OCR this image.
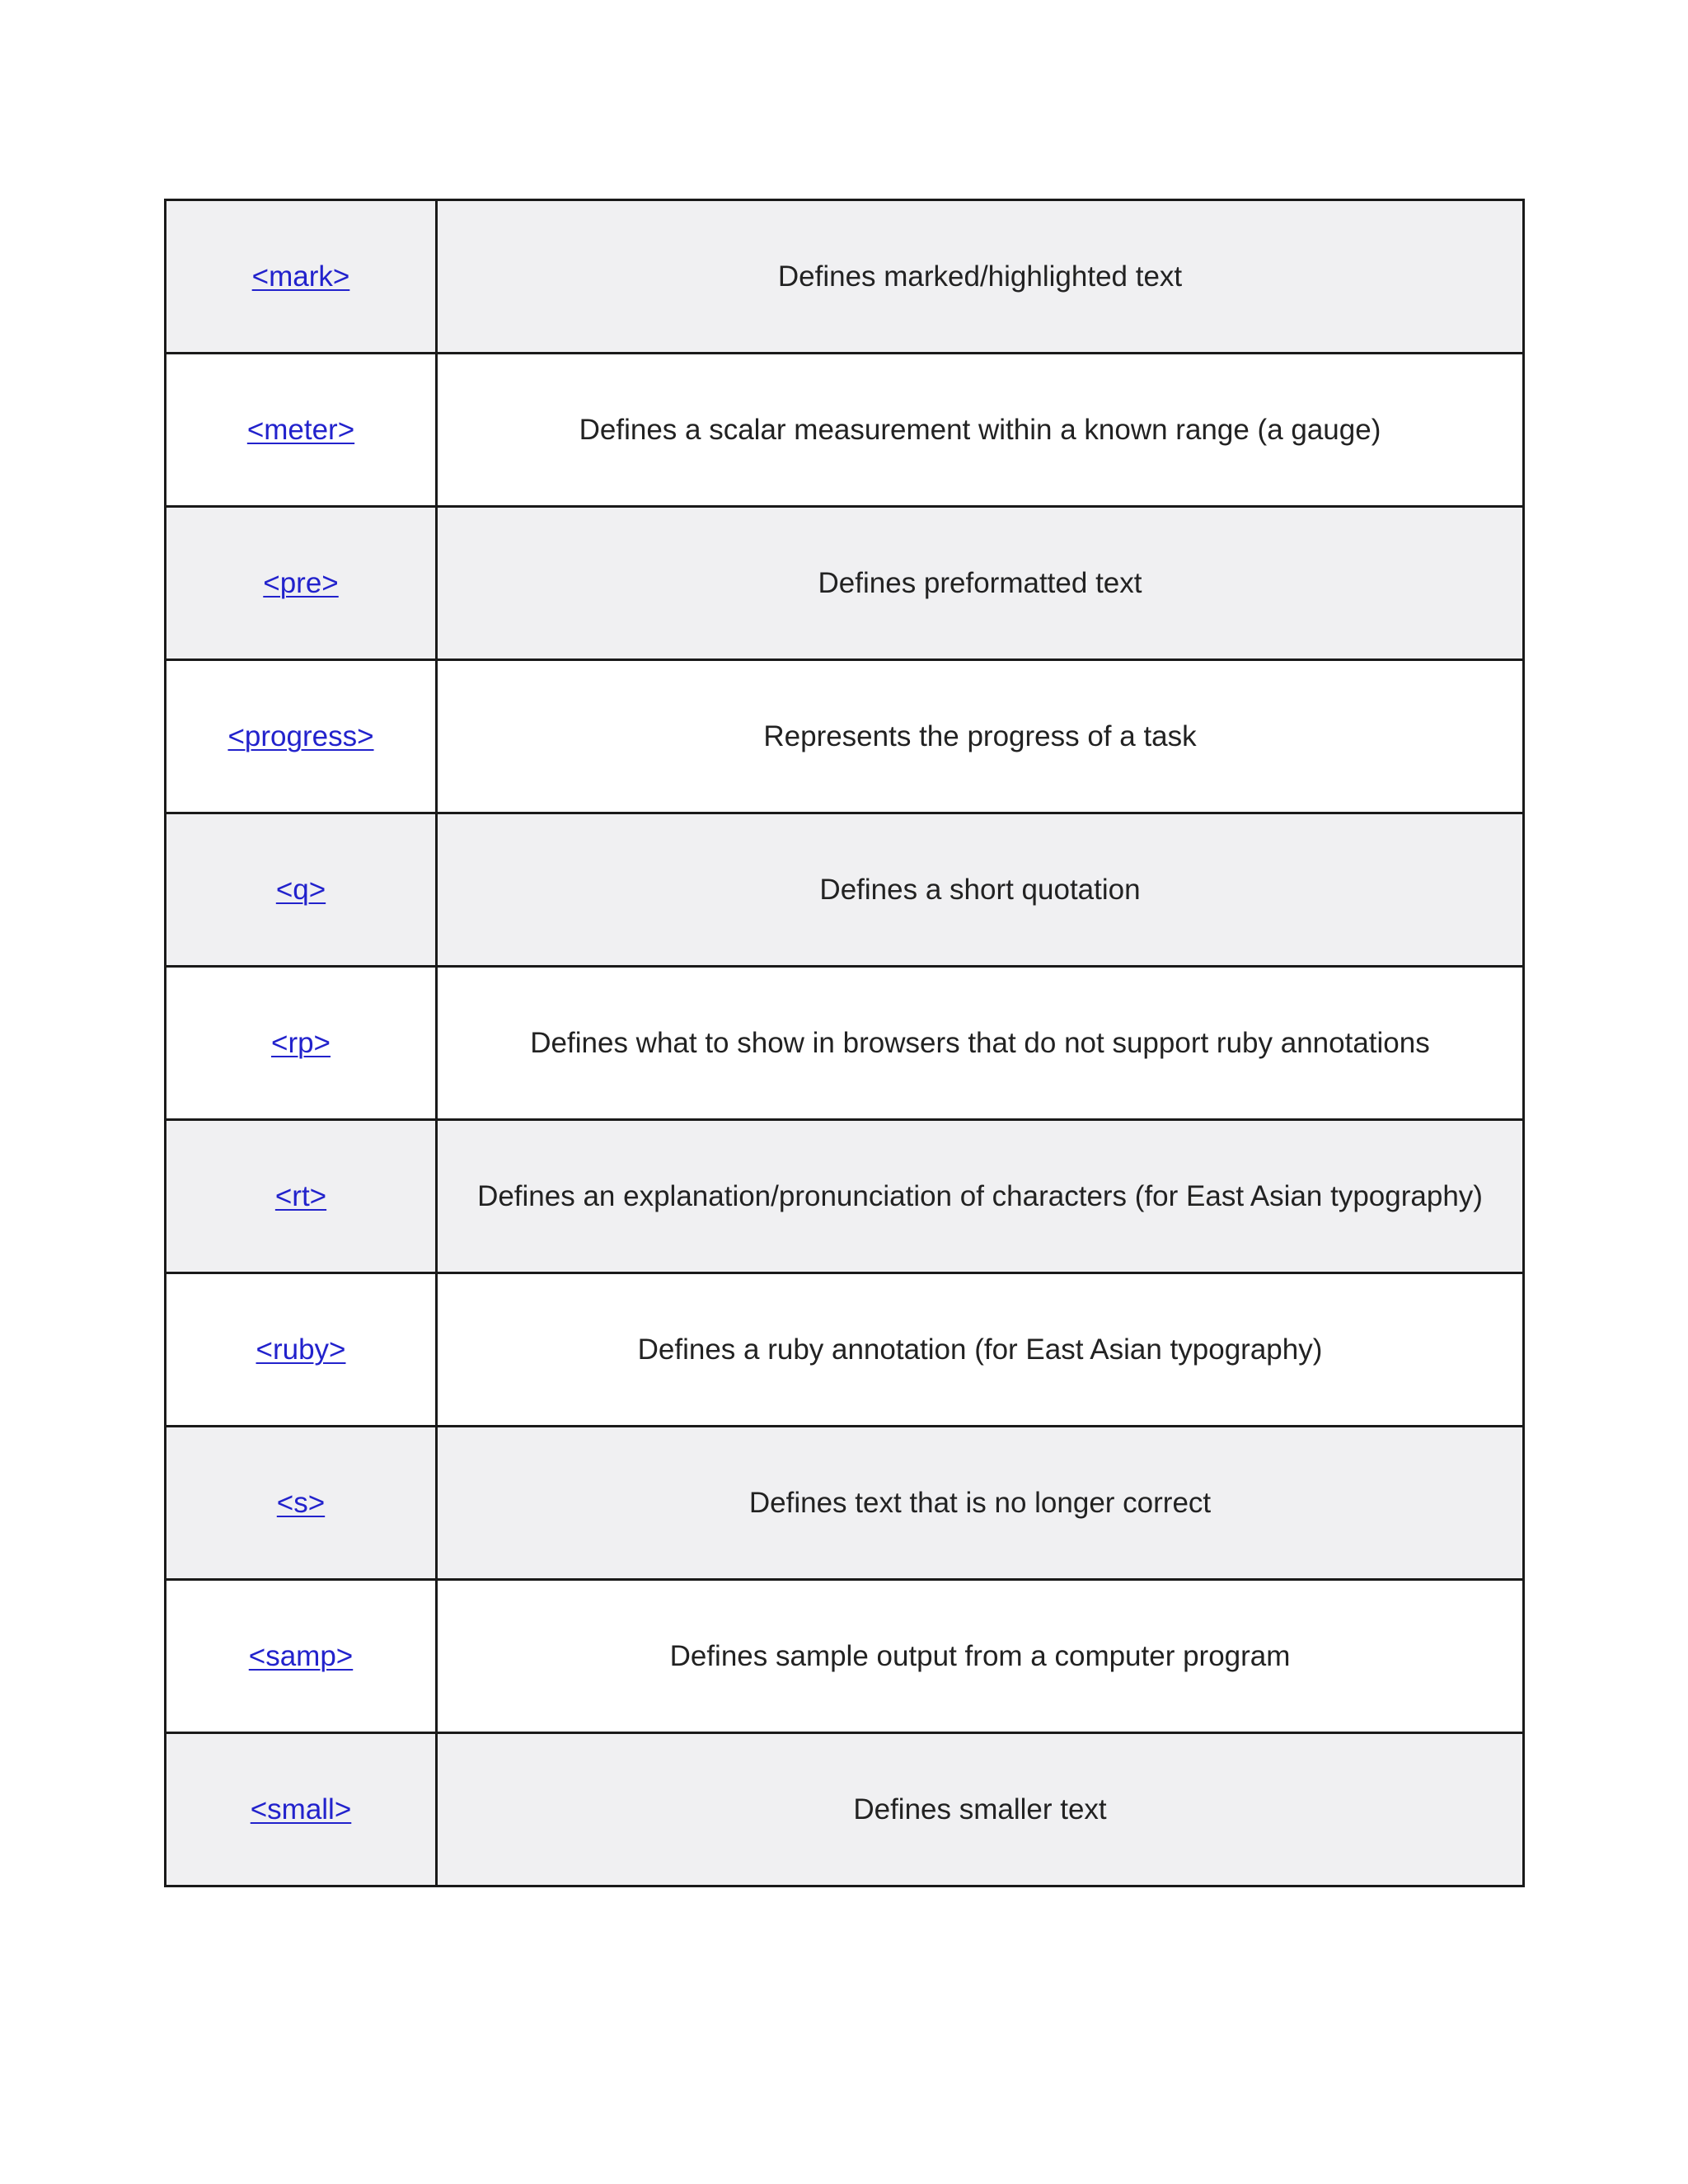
<mark>	Defines marked/highlighted text
<meter>	Defines a scalar measurement within a known range (a gauge)
<pre>	Defines preformatted text
<progress>	Represents the progress of a task
<q>	Defines a short quotation
<rp>	Defines what to show in browsers that do not support ruby annotations
<rt>	Defines an explanation/pronunciation of characters (for East Asian typography)
<ruby>	Defines a ruby annotation (for East Asian typography)
<s>	Defines text that is no longer correct
<samp>	Defines sample output from a computer program
<small>	Defines smaller text
